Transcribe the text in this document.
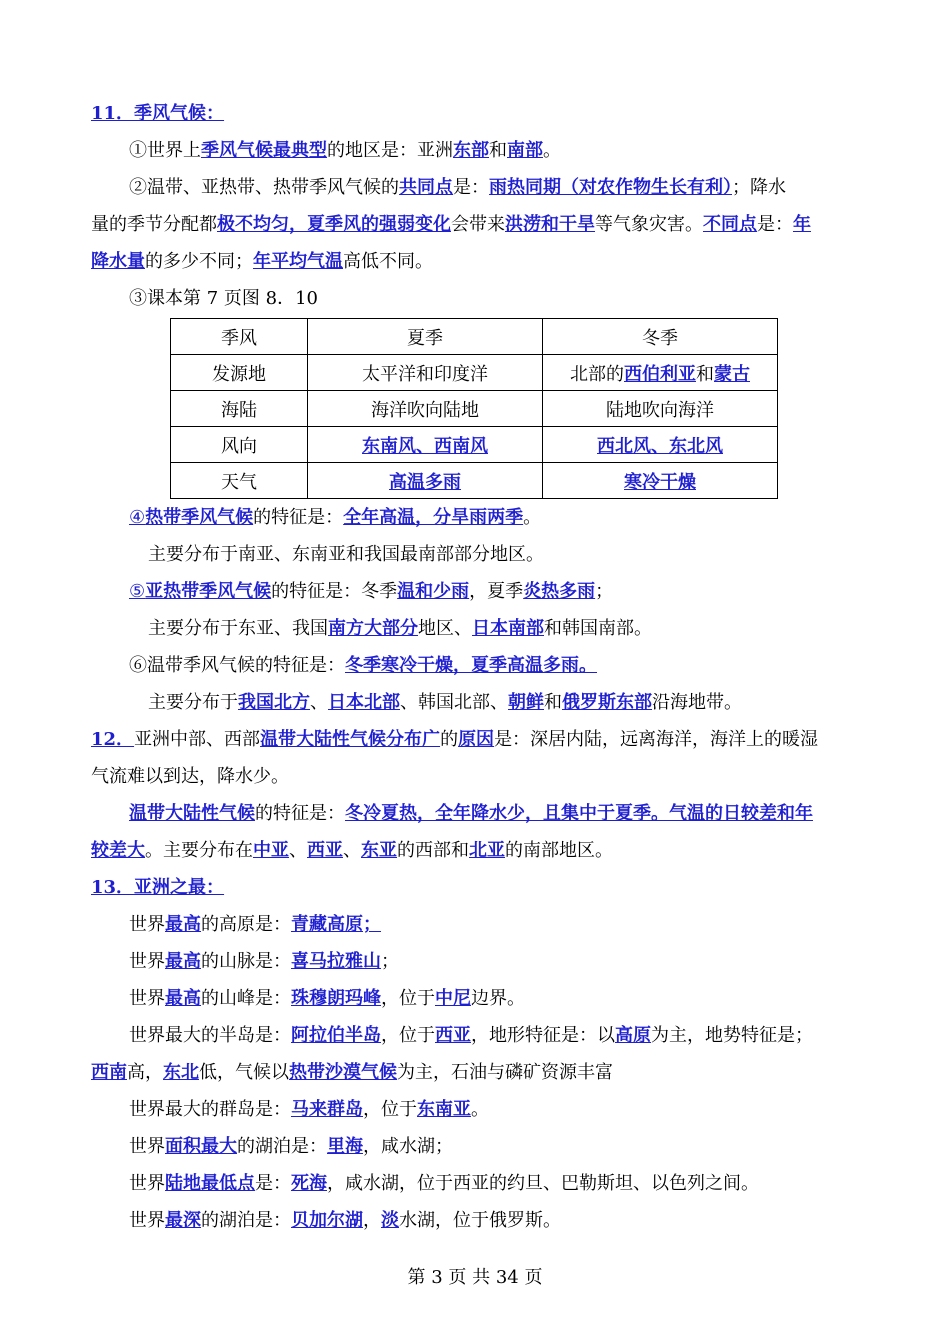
11．季风气候：
①世界上季风气候最典型的地区是：亚洲东部和南部。
②温带、亚热带、热带季风气候的共同点是：雨热同期（对农作物生长有利）；降水
量的季节分配都极不均匀，夏季风的强弱变化会带来洪涝和干旱等气象灾害。不同点是：年
降水量的多少不同；年平均气温高低不同。
③课本第 7 页图 8．10
季风	夏季	冬季
发源地	太平洋和印度洋	北部的西伯利亚和蒙古
海陆	海洋吹向陆地	陆地吹向海洋
风向	东南风、西南风	西北风、东北风
天气	高温多雨	寒冷干燥
④热带季风气候的特征是：全年高温，分旱雨两季。
主要分布于南亚、东南亚和我国最南部部分地区。
⑤亚热带季风气候的特征是：冬季温和少雨，夏季炎热多雨；
主要分布于东亚、我国南方大部分地区、日本南部和韩国南部。
⑥温带季风气候的特征是：冬季寒冷干燥，夏季高温多雨。
主要分布于我国北方、日本北部、韩国北部、朝鲜和俄罗斯东部沿海地带。
12．亚洲中部、西部温带大陆性气候分布广的原因是：深居内陆，远离海洋，海洋上的暖湿
气流难以到达，降水少。
温带大陆性气候的特征是：冬冷夏热，全年降水少，且集中于夏季。气温的日较差和年
较差大。主要分布在中亚、西亚、东亚的西部和北亚的南部地区。
13．亚洲之最：
世界最高的高原是：青藏高原；
世界最高的山脉是：喜马拉雅山；
世界最高的山峰是：珠穆朗玛峰，位于中尼边界。
世界最大的半岛是：阿拉伯半岛，位于西亚，地形特征是：以高原为主，地势特征是；
西南高，东北低，气候以热带沙漠气候为主，石油与磷矿资源丰富
世界最大的群岛是：马来群岛，位于东南亚。
世界面积最大的湖泊是：里海，咸水湖；
世界陆地最低点是：死海，咸水湖，位于西亚的约旦、巴勒斯坦、以色列之间。
世界最深的湖泊是：贝加尔湖，淡水湖，位于俄罗斯。
第 3 页 共 34 页
